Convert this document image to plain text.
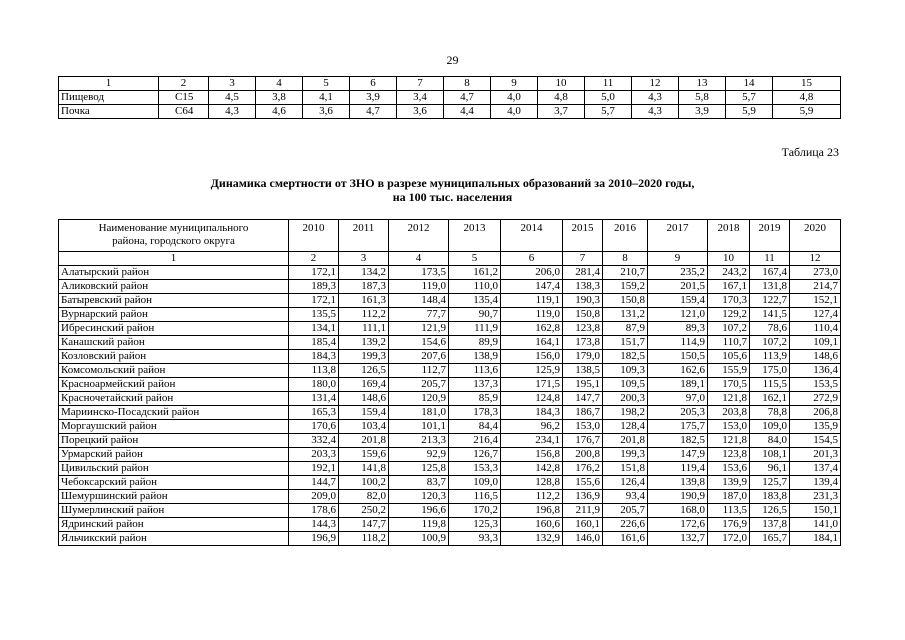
29
1	2	3	4	5	6	7	8	9	10	11	12	13	14	15
Пищевод	C15	4,5	3,8	4,1	3,9	3,4	4,7	4,0	4,8	5,0	4,3	5,8	5,7	4,8
Почка	C64	4,3	4,6	3,6	4,7	3,6	4,4	4,0	3,7	5,7	4,3	3,9	5,9	5,9
Таблица 23
Динамика смертности от ЗНО в разрезе муниципальных образований за 2010–2020 годы,
на 100 тыс. населения
Наименование муниципального
района, городского округа	2010	2011	2012	2013	2014	2015	2016	2017	2018	2019	2020
1	2	3	4	5	6	7	8	9	10	11	12
Алатырский район	172,1	134,2	173,5	161,2	206,0	281,4	210,7	235,2	243,2	167,4	273,0
Аликовский район	189,3	187,3	119,0	110,0	147,4	138,3	159,2	201,5	167,1	131,8	214,7
Батыревский район	172,1	161,3	148,4	135,4	119,1	190,3	150,8	159,4	170,3	122,7	152,1
Вурнарский район	135,5	112,2	77,7	90,7	119,0	150,8	131,2	121,0	129,2	141,5	127,4
Ибресинский район	134,1	111,1	121,9	111,9	162,8	123,8	87,9	89,3	107,2	78,6	110,4
Канашский район	185,4	139,2	154,6	89,9	164,1	173,8	151,7	114,9	110,7	107,2	109,1
Козловский район	184,3	199,3	207,6	138,9	156,0	179,0	182,5	150,5	105,6	113,9	148,6
Комсомольский район	113,8	126,5	112,7	113,6	125,9	138,5	109,3	162,6	155,9	175,0	136,4
Красноармейский район	180,0	169,4	205,7	137,3	171,5	195,1	109,5	189,1	170,5	115,5	153,5
Красночетайский район	131,4	148,6	120,9	85,9	124,8	147,7	200,3	97,0	121,8	162,1	272,9
Мариинско-Посадский район	165,3	159,4	181,0	178,3	184,3	186,7	198,2	205,3	203,8	78,8	206,8
Моргаушский район	170,6	103,4	101,1	84,4	96,2	153,0	128,4	175,7	153,0	109,0	135,9
Порецкий район	332,4	201,8	213,3	216,4	234,1	176,7	201,8	182,5	121,8	84,0	154,5
Урмарский район	203,3	159,6	92,9	126,7	156,8	200,8	199,3	147,9	123,8	108,1	201,3
Цивильский район	192,1	141,8	125,8	153,3	142,8	176,2	151,8	119,4	153,6	96,1	137,4
Чебоксарский район	144,7	100,2	83,7	109,0	128,8	155,6	126,4	139,8	139,9	125,7	139,4
Шемуршинский район	209,0	82,0	120,3	116,5	112,2	136,9	93,4	190,9	187,0	183,8	231,3
Шумерлинский район	178,6	250,2	196,6	170,2	196,8	211,9	205,7	168,0	113,5	126,5	150,1
Ядринский район	144,3	147,7	119,8	125,3	160,6	160,1	226,6	172,6	176,9	137,8	141,0
Яльчикский район	196,9	118,2	100,9	93,3	132,9	146,0	161,6	132,7	172,0	165,7	184,1
